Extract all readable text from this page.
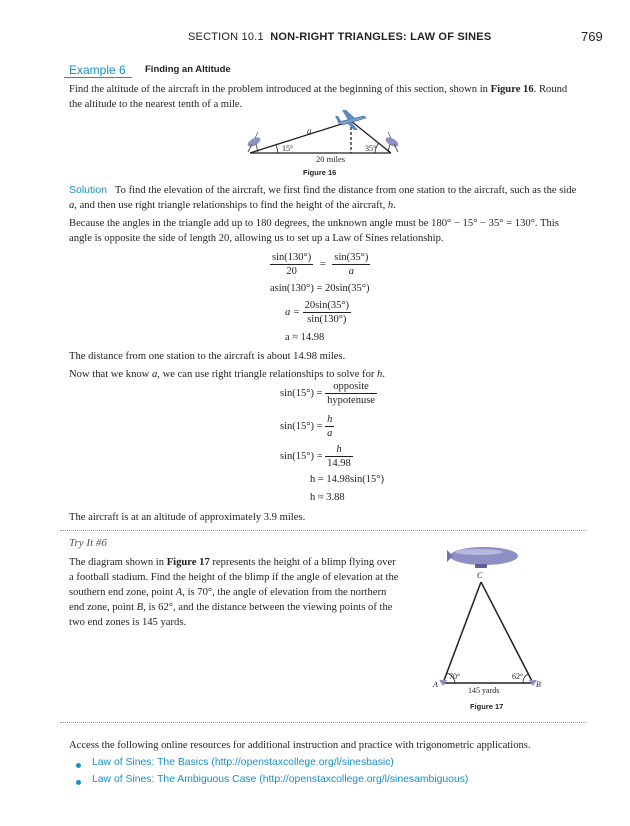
SECTION 10.1 NON-RIGHT TRIANGLES: LAW OF SINES	769
Example 6 Finding an Altitude
Find the altitude of the aircraft in the problem introduced at the beginning of this section, shown in Figure 16. Round
the altitude to the nearest tenth of a mile.
a
15°	35°
20 miles
Figure 16
Solution To find the elevation of the aircraft, we first find the distance from one station to the aircraft, such as the side
a, and then use right triangle relationships to find the height of the aircraft, h.
Because the angles in the triangle add up to 180 degrees, the unknown angle must be 180° − 15° − 35° = 130°. This
angle is opposite the side of length 20, allowing us to set up a Law of Sines relationship.
$\frac{\sin(130^\circ)}{20} = \frac{\sin(35^\circ)}{a}$
asin(130°) = 20sin(35°)
$a = \frac{20\sin(35^\circ)}{\sin(130^\circ)}$
a ≈ 14.98
The distance from one station to the aircraft is about 14.98 miles.
Now that we know a, we can use right triangle relationships to solve for h.
$\sin(15^\circ) = \frac{\text{opposite}}{\text{hypotenuse}}$
$\sin(15^\circ) = \frac{h}{a}$
$\sin(15^\circ) = \frac{h}{14.98}$
h = 14.98sin(15°)
h ≈ 3.88
The aircraft is at an altitude of approximately 3.9 miles.
Try It #6
The diagram shown in Figure 17 represents the height of a blimp flying over
a football stadium. Find the height of the blimp if the angle of elevation at the
southern end zone, point A, is 70°, the angle of elevation from the northern
end zone, point B, is 62°, and the distance between the viewing points of the
two end zones is 145 yards.
C
A	B
70°	62°
145 yards
Figure 17
Access the following online resources for additional instruction and practice with trigonometric applications.
Law of Sines: The Basics (http://openstaxcollege.org/l/sinesbasic)
Law of Sines: The Ambiguous Case (http://openstaxcollege.org/l/sinesambiguous)
